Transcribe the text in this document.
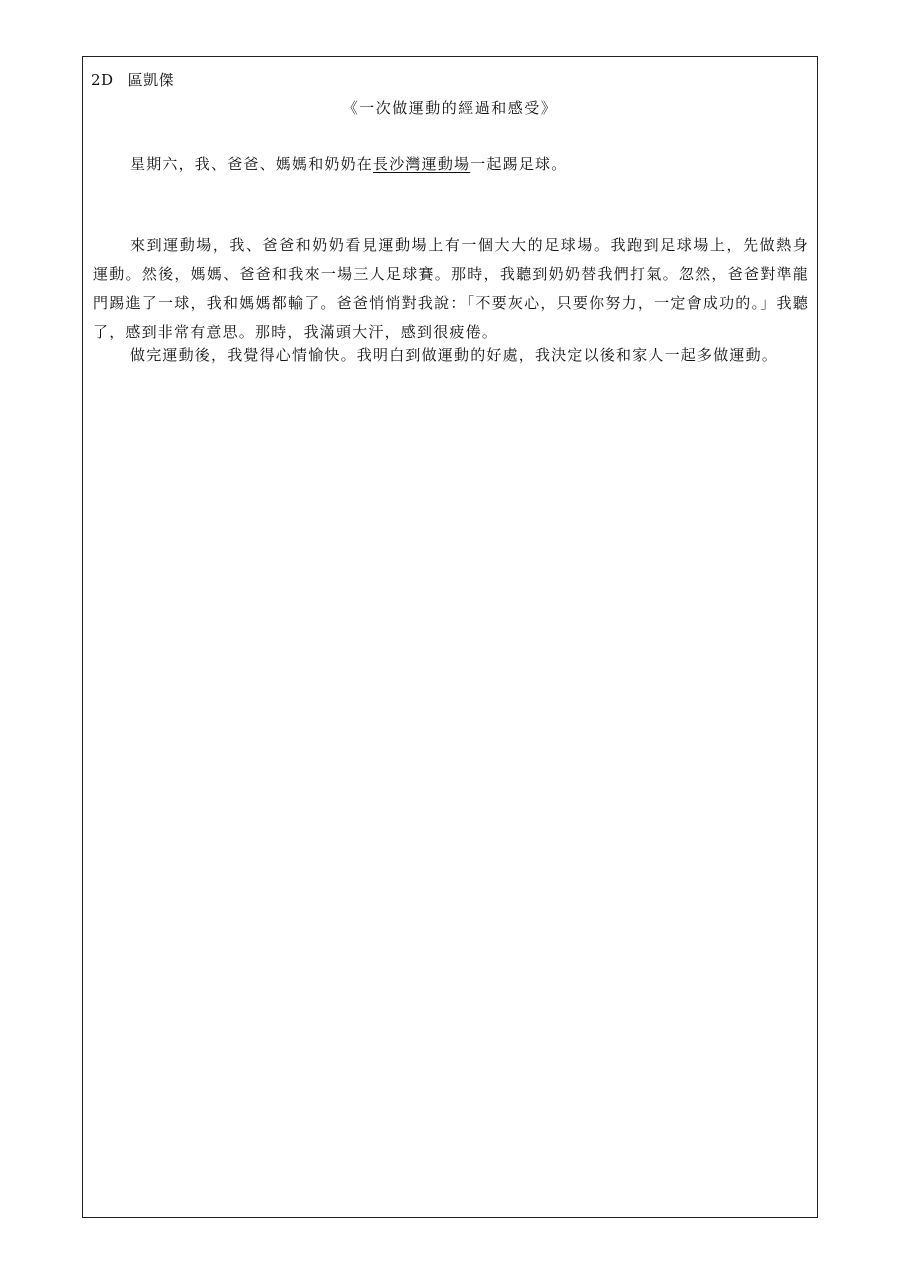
2D 區凱傑
《一次做運動的經過和感受》

星期六，我、爸爸、媽媽和奶奶在長沙灣運動場一起踢足球。

來到運動場，我、爸爸和奶奶看見運動場上有一個大大的足球場。我跑到足球場上，先做熱身運動。然後，媽媽、爸爸和我來一場三人足球賽。那時，我聽到奶奶替我們打氣。忽然，爸爸對準龍門踢進了一球，我和媽媽都輸了。爸爸悄悄對我說：「不要灰心，只要你努力，一定會成功的。」我聽了，感到非常有意思。那時，我滿頭大汗，感到很疲倦。

做完運動後，我覺得心情愉快。我明白到做運動的好處，我決定以後和家人一起多做運動。
